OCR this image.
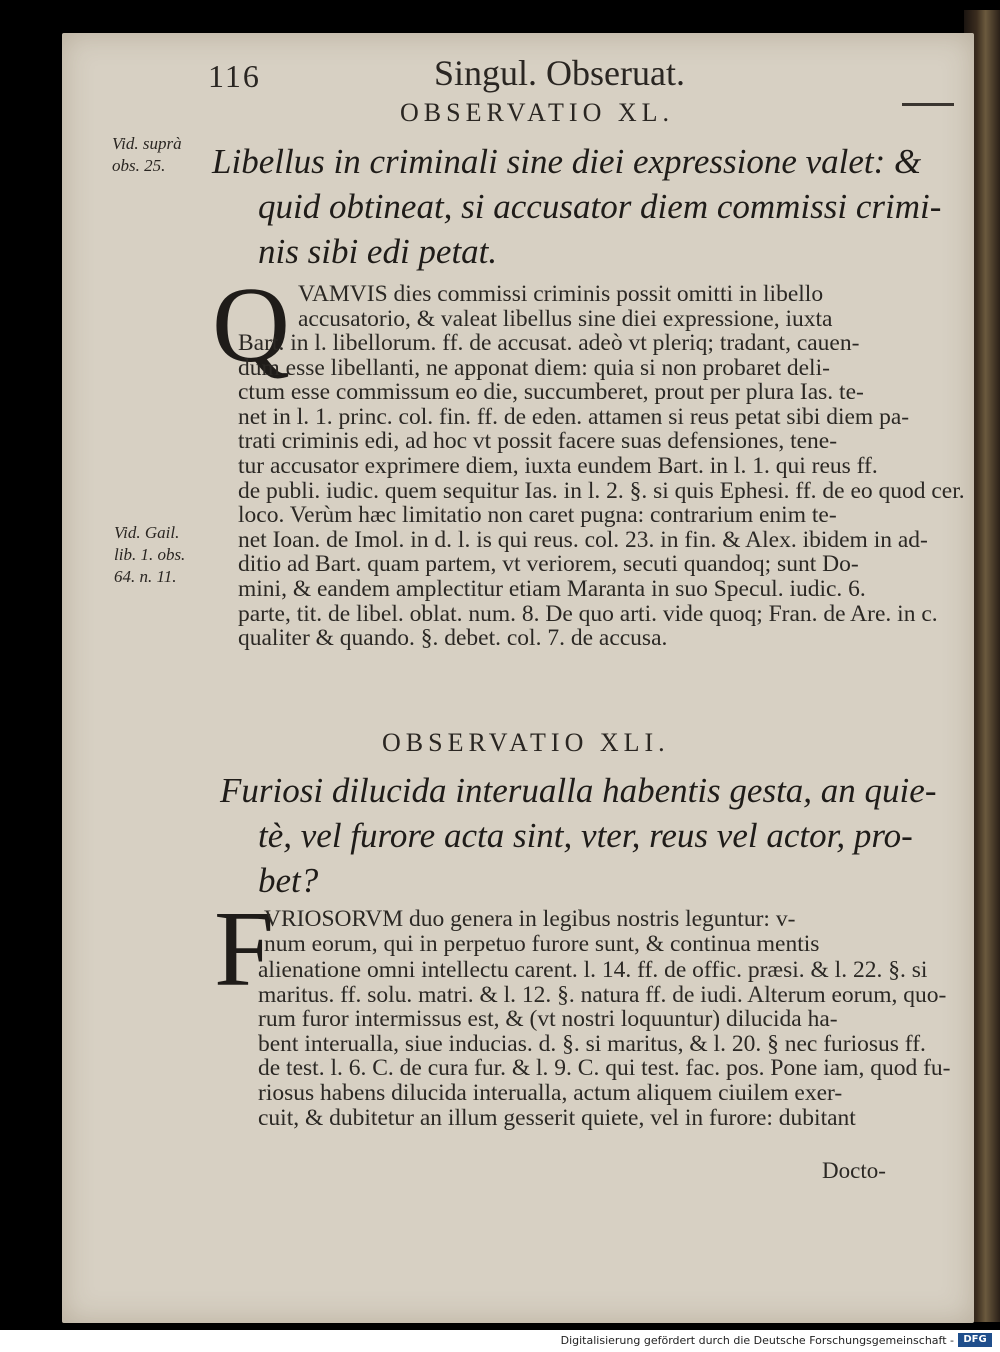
116	Singul. Obseruat.
OBSERVATIO XL.
Vid. suprà
obs. 25.	Libellus in criminali sine diei expressione valet: &
quid obtineat, si accusator diem commissi crimi-
nis sibi edi petat.
Q VAMVIS dies commissi criminis possit omitti in libello
accusatorio, & valeat libellus sine diei expressione, iuxta
Bart. in l. libellorum. ff. de accusat. adeò vt pleriq; tradant, cauen-
dum esse libellanti, ne apponat diem: quia si non probaret deli-
ctum esse commissum eo die, succumberet, prout per plura Ias. te-
net in l. 1. princ. col. fin. ff. de eden. attamen si reus petat sibi diem pa-
trati criminis edi, ad hoc vt possit facere suas defensiones, tene-
tur accusator exprimere diem, iuxta eundem Bart. in l. 1. qui reus ff.
de publi. iudic. quem sequitur Ias. in l. 2. §. si quis Ephesi. ff. de eo quod cer.
loco. Verùm hæc limitatio non caret pugna: contrarium enim te-
net Ioan. de Imol. in d. l. is qui reus. col. 23. in fin. & Alex. ibidem in ad-
ditio ad Bart. quam partem, vt veriorem, secuti quandoq; sunt Do-
mini, & eandem amplectitur etiam Maranta in suo Specul. iudic. 6.
parte, tit. de libel. oblat. num. 8. De quo arti. vide quoq; Fran. de Are. in c.
qualiter & quando. §. debet. col. 7. de accusa.
Vid. Gail.
lib. 1. obs.
64. n. 11.
OBSERVATIO XLI.
Furiosi dilucida interualla habentis gesta, an quie-
tè, vel furore acta sint, vter, reus vel actor, pro-
bet?
F
VRIOSORVM duo genera in legibus nostris leguntur: v-
num eorum, qui in perpetuo furore sunt, & continua mentis
alienatione omni intellectu carent. l. 14. ff. de offic. præsi. & l. 22. §. si
maritus. ff. solu. matri. & l. 12. §. natura ff. de iudi. Alterum eorum, quo-
rum furor intermissus est, & (vt nostri loquuntur) dilucida ha-
bent interualla, siue inducias. d. §. si maritus, & l. 20. § nec furiosus ff.
de test. l. 6. C. de cura fur. & l. 9. C. qui test. fac. pos. Pone iam, quod fu-
riosus habens dilucida interualla, actum aliquem ciuilem exer-
cuit, & dubitetur an illum gesserit quiete, vel in furore: dubitant
Docto-
Digitalisierung gefördert durch die Deutsche Forschungsgemeinschaft - DFG
